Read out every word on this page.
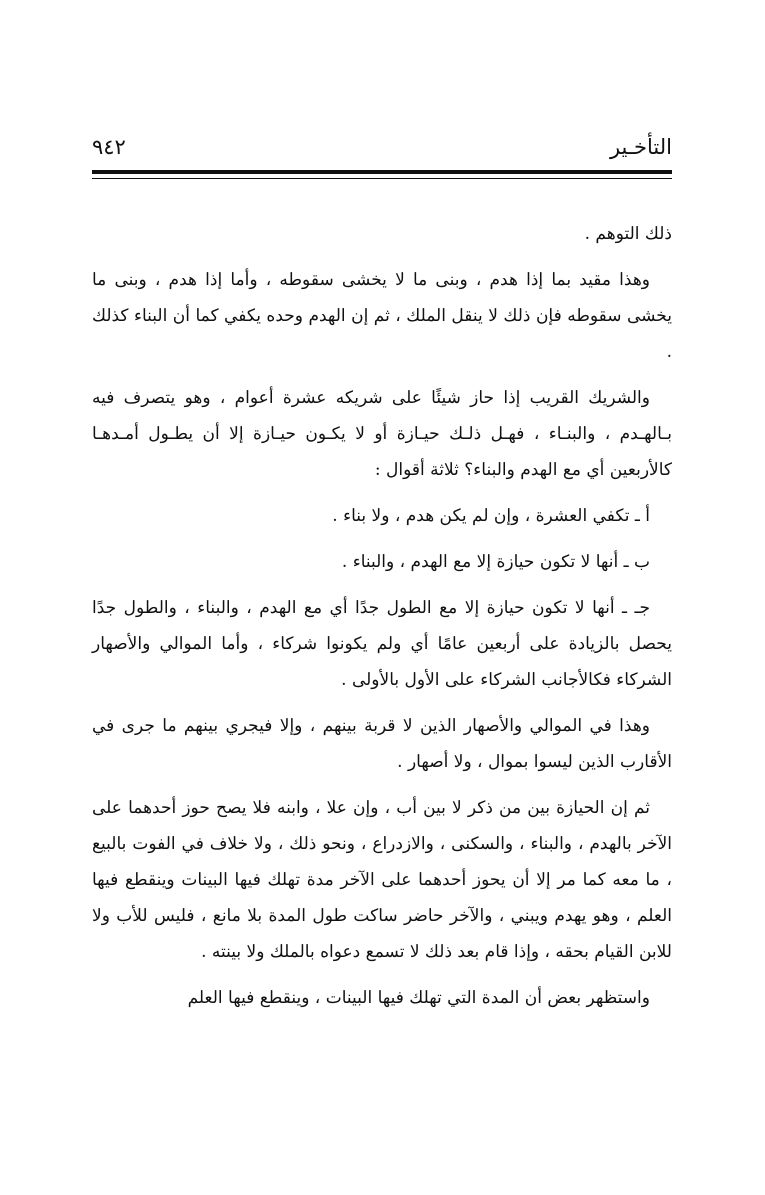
التأخـير
٩٤٢

ذلك التوهم .

وهذا مقيد بما إذا هدم ، وبنى ما لا يخشى سقوطه ، وأما إذا هدم ، وبنى ما يخشى سقوطه فإن ذلك لا ينقل الملك ، ثم إن الهدم وحده يكفي كما أن البناء كذلك .

والشريك القريب إذا حاز شيئًا على شريكه عشرة أعوام ، وهو يتصرف فيه بـالهـدم ، والبنـاء ، فهـل ذلـك حيـازة أو لا يكـون حيـازة إلا أن يطـول أمـدهـا كالأربعين أي مع الهدم والبناء؟ ثلاثة أقوال :

أ ـ تكفي العشرة ، وإن لم يكن هدم ، ولا بناء .

ب ـ أنها لا تكون حيازة إلا مع الهدم ، والبناء .

جـ ـ أنها لا تكون حيازة إلا مع الطول جدًا أي مع الهدم ، والبناء ، والطول جدًا يحصل بالزيادة على أربعين عامًا أي ولم يكونوا شركاء ، وأما الموالي والأصهار الشركاء فكالأجانب الشركاء على الأول بالأولى .

وهذا في الموالي والأصهار الذين لا قربة بينهم ، وإلا فيجري بينهم ما جرى في الأقارب الذين ليسوا بموال ، ولا أصهار .

ثم إن الحيازة بين من ذكر لا بين أب ، وإن علا ، وابنه فلا يصح حوز أحدهما على الآخر بالهدم ، والبناء ، والسكنى ، والازدراع ، ونحو ذلك ، ولا خلاف في الفوت بالبيع ، ما معه كما مر إلا أن يحوز أحدهما على الآخر مدة تهلك فيها البينات وينقطع فيها العلم ، وهو يهدم ويبني ، والآخر حاضر ساكت طول المدة بلا مانع ، فليس للأب ولا للابن القيام بحقه ، وإذا قام بعد ذلك لا تسمع دعواه بالملك ولا بينته .

واستظهر بعض أن المدة التي تهلك فيها البينات ، وينقطع فيها العلم
